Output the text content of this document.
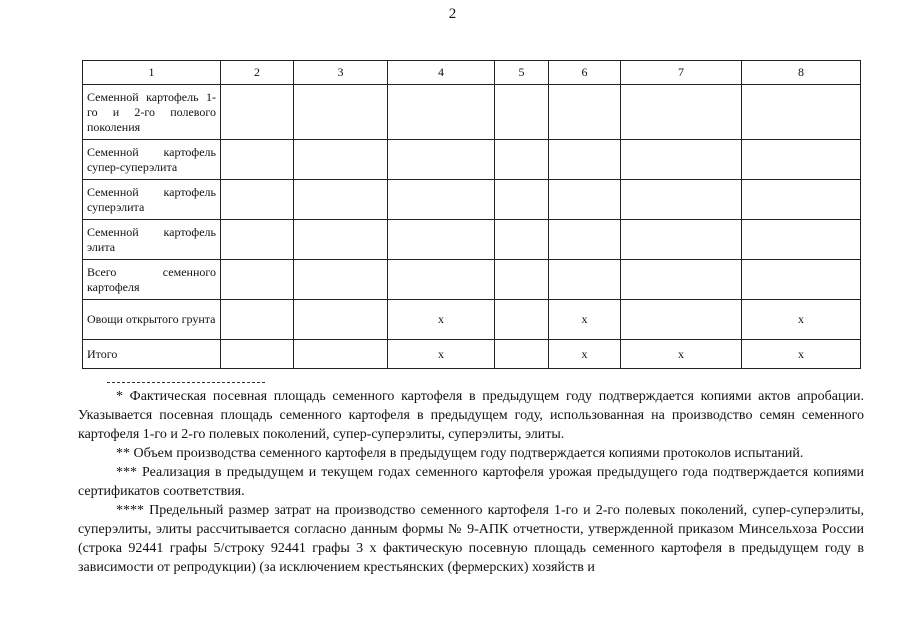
2
1	2	3	4	5	6	7	8
Семенной картофель 1-го и 2-го полевого поколения							
Семенной картофель супер-суперэлита							
Семенной картофель суперэлита							
Семенной картофель элита							
Всего семенного картофеля							
Овощи открытого грунта			x		x		x
Итого			x		x	x	x

* Фактическая посевная площадь семенного картофеля в предыдущем году подтверждается копиями актов апробации. Указывается посевная площадь семенного картофеля в предыдущем году, использованная на производство семян семенного картофеля 1-го и 2-го полевых поколений, супер-суперэлиты, суперэлиты, элиты.

** Объем производства семенного картофеля в предыдущем году подтверждается копиями протоколов испытаний.

*** Реализация в предыдущем и текущем годах семенного картофеля урожая предыдущего года подтверждается копиями сертификатов соответствия.

**** Предельный размер затрат на производство семенного картофеля 1-го и 2-го полевых поколений, супер-суперэлиты, суперэлиты, элиты рассчитывается согласно данным формы № 9-АПК отчетности, утвержденной приказом Минсельхоза России (строка 92441 графы 5/строку 92441 графы 3 х фактическую посевную площадь семенного картофеля в предыдущем году в зависимости от репродукции) (за исключением крестьянских (фермерских) хозяйств и
